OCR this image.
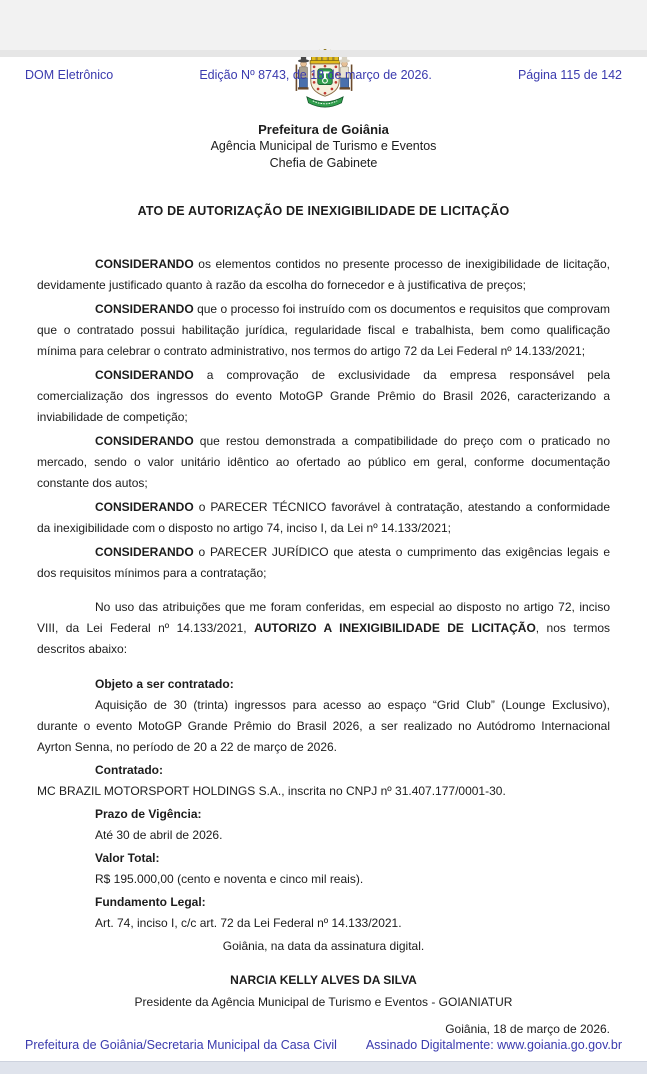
DOM Eletrônico	Edição Nº 8743, de 18 de março de 2026.	Página 115 de 142
Prefeitura de Goiânia
Agência Municipal de Turismo e Eventos
Chefia de Gabinete
ATO DE AUTORIZAÇÃO DE INEXIGIBILIDADE DE LICITAÇÃO

CONSIDERANDO os elementos contidos no presente processo de inexigibilidade de licitação, devidamente justificado quanto à razão da escolha do fornecedor e à justificativa de preços;

CONSIDERANDO que o processo foi instruído com os documentos e requisitos que comprovam que o contratado possui habilitação jurídica, regularidade fiscal e trabalhista, bem como qualificação mínima para celebrar o contrato administrativo, nos termos do artigo 72 da Lei Federal nº 14.133/2021;

CONSIDERANDO a comprovação de exclusividade da empresa responsável pela comercialização dos ingressos do evento MotoGP Grande Prêmio do Brasil 2026, caracterizando a inviabilidade de competição;

CONSIDERANDO que restou demonstrada a compatibilidade do preço com o praticado no mercado, sendo o valor unitário idêntico ao ofertado ao público em geral, conforme documentação constante dos autos;

CONSIDERANDO o PARECER TÉCNICO favorável à contratação, atestando a conformidade da inexigibilidade com o disposto no artigo 74, inciso I, da Lei nº 14.133/2021;

CONSIDERANDO o PARECER JURÍDICO que atesta o cumprimento das exigências legais e dos requisitos mínimos para a contratação;

No uso das atribuições que me foram conferidas, em especial ao disposto no artigo 72, inciso VIII, da Lei Federal nº 14.133/2021, AUTORIZO A INEXIGIBILIDADE DE LICITAÇÃO, nos termos descritos abaixo:

Objeto a ser contratado:

Aquisição de 30 (trinta) ingressos para acesso ao espaço “Grid Club” (Lounge Exclusivo), durante o evento MotoGP Grande Prêmio do Brasil 2026, a ser realizado no Autódromo Internacional Ayrton Senna, no período de 20 a 22 de março de 2026.

Contratado:

MC BRAZIL MOTORSPORT HOLDINGS S.A., inscrita no CNPJ nº 31.407.177/0001-30.

Prazo de Vigência:

Até 30 de abril de 2026.

Valor Total:

R$ 195.000,00 (cento e noventa e cinco mil reais).

Fundamento Legal:

Art. 74, inciso I, c/c art. 72 da Lei Federal nº 14.133/2021.

Goiânia, na data da assinatura digital.
NARCIA KELLY ALVES DA SILVA
Presidente da Agência Municipal de Turismo e Eventos - GOIANIATUR
Goiânia, 18 de março de 2026.
Prefeitura de Goiânia/Secretaria Municipal da Casa Civil Assinado Digitalmente: www.goiania.go.gov.br
